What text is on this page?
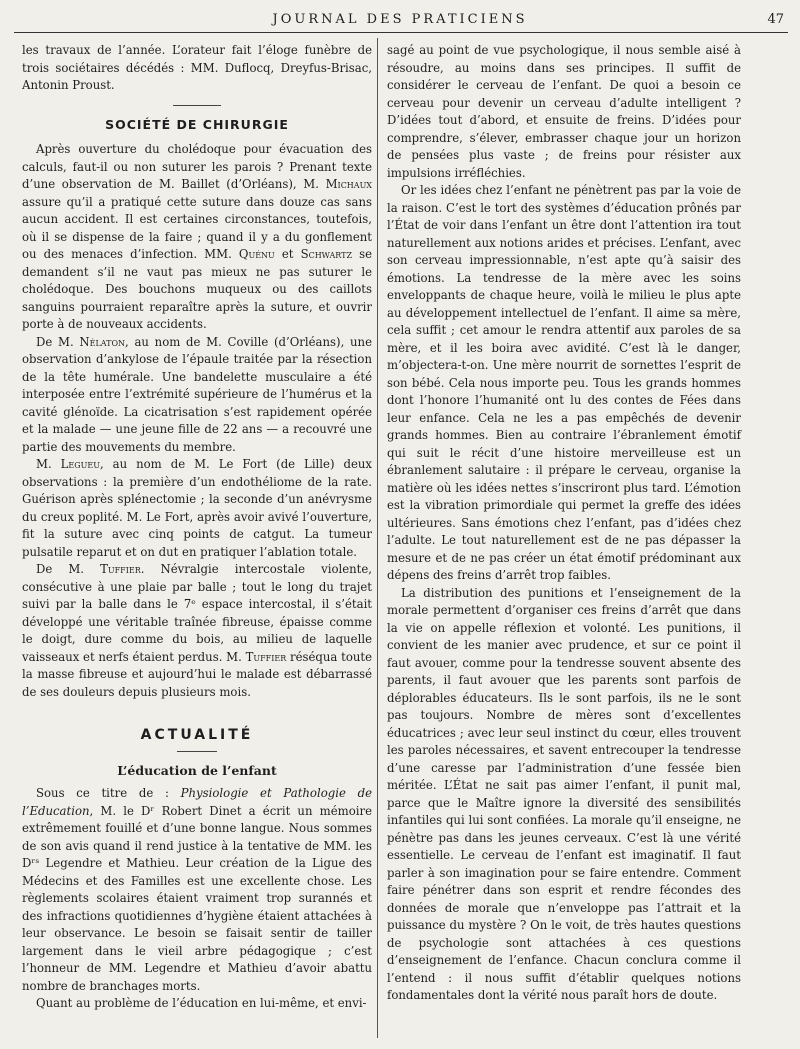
JOURNAL DES PRATICIENS	47

les travaux de l’année. L’orateur fait l’éloge funèbre de trois sociétaires décédés : MM. Duflocq, Dreyfus-Brisac, Antonin Proust.

SOCIÉTÉ DE CHIRURGIE

Après ouverture du cholédoque pour évacuation des calculs, faut-il ou non suturer les parois ? Prenant texte d’une observation de M. Baillet (d’Orléans), M. Michaux assure qu’il a pratiqué cette suture dans douze cas sans aucun accident. Il est certaines circonstances, toutefois, où il se dispense de la faire ; quand il y a du gonflement ou des menaces d’infection. MM. Quénu et Schwartz se demandent s’il ne vaut pas mieux ne pas suturer le cholédoque. Des bouchons muqueux ou des caillots sanguins pourraient reparaître après la suture, et ouvrir porte à de nouveaux accidents.

De M. Nélaton, au nom de M. Coville (d’Orléans), une observation d’ankylose de l’épaule traitée par la résection de la tête humérale. Une bandelette musculaire a été interposée entre l’extrémité supérieure de l’humérus et la cavité glénoïde. La cicatrisation s’est rapidement opérée et la malade — une jeune fille de 22 ans — a recouvré une partie des mouvements du membre.

M. Legueu, au nom de M. Le Fort (de Lille) deux observations : la première d’un endothéliome de la rate. Guérison après splénectomie ; la seconde d’un anévrysme du creux poplité. M. Le Fort, après avoir avivé l’ouverture, fit la suture avec cinq points de catgut. La tumeur pulsatile reparut et on dut en pratiquer l’ablation totale.

De M. Tuffier. Névralgie intercostale violente, consécutive à une plaie par balle ; tout le long du trajet suivi par la balle dans le 7ᵉ espace intercostal, il s’était développé une véritable traînée fibreuse, épaisse comme le doigt, dure comme du bois, au milieu de laquelle vaisseaux et nerfs étaient perdus. M. Tuffier réséqua toute la masse fibreuse et aujourd’hui le malade est débarrassé de ses douleurs depuis plusieurs mois.

ACTUALITÉ
L’éducation de l’enfant

Sous ce titre de : Physiologie et Pathologie de l’Education, M. le Dʳ Robert Dinet a écrit un mémoire extrêmement fouillé et d’une bonne langue. Nous sommes de son avis quand il rend justice à la tentative de MM. les Dʳˢ Legendre et Mathieu. Leur création de la Ligue des Médecins et des Familles est une excellente chose. Les règlements scolaires étaient vraiment trop surannés et des infractions quotidiennes d’hygiène étaient attachées à leur observance. Le besoin se faisait sentir de tailler largement dans le vieil arbre pédagogique ; c’est l’honneur de MM. Legendre et Mathieu d’avoir abattu nombre de branchages morts.

Quant au problème de l’éducation en lui-même, et envi-

sagé au point de vue psychologique, il nous semble aisé à résoudre, au moins dans ses principes. Il suffit de considérer le cerveau de l’enfant. De quoi a besoin ce cerveau pour devenir un cerveau d’adulte intelligent ? D’idées tout d’abord, et ensuite de freins. D’idées pour comprendre, s’élever, embrasser chaque jour un horizon de pensées plus vaste ; de freins pour résister aux impulsions irréfléchies.

Or les idées chez l’enfant ne pénètrent pas par la voie de la raison. C’est le tort des systèmes d’éducation prônés par l’État de voir dans l’enfant un être dont l’attention ira tout naturellement aux notions arides et précises. L’enfant, avec son cerveau impressionnable, n’est apte qu’à saisir des émotions. La tendresse de la mère avec les soins enveloppants de chaque heure, voilà le milieu le plus apte au développement intellectuel de l’enfant. Il aime sa mère, cela suffit ; cet amour le rendra attentif aux paroles de sa mère, et il les boira avec avidité. C’est là le danger, m’objectera-t-on. Une mère nourrit de sornettes l’esprit de son bébé. Cela nous importe peu. Tous les grands hommes dont l’honore l’humanité ont lu des contes de Fées dans leur enfance. Cela ne les a pas empêchés de devenir grands hommes. Bien au contraire l’ébranlement émotif qui suit le récit d’une histoire merveilleuse est un ébranlement salutaire : il prépare le cerveau, organise la matière où les idées nettes s’inscriront plus tard. L’émotion est la vibration primordiale qui permet la greffe des idées ultérieures. Sans émotions chez l’enfant, pas d’idées chez l’adulte. Le tout naturellement est de ne pas dépasser la mesure et de ne pas créer un état émotif prédominant aux dépens des freins d’arrêt trop faibles.

La distribution des punitions et l’enseignement de la morale permettent d’organiser ces freins d’arrêt que dans la vie on appelle réflexion et volonté. Les punitions, il convient de les manier avec prudence, et sur ce point il faut avouer, comme pour la tendresse souvent absente des parents, il faut avouer que les parents sont parfois de déplorables éducateurs. Ils le sont parfois, ils ne le sont pas toujours. Nombre de mères sont d’excellentes éducatrices ; avec leur seul instinct du cœur, elles trouvent les paroles nécessaires, et savent entrecouper la tendresse d’une caresse par l’administration d’une fessée bien méritée. L’État ne sait pas aimer l’enfant, il punit mal, parce que le Maître ignore la diversité des sensibilités infantiles qui lui sont confiées. La morale qu’il enseigne, ne pénètre pas dans les jeunes cerveaux. C’est là une vérité essentielle. Le cerveau de l’enfant est imaginatif. Il faut parler à son imagination pour se faire entendre. Comment faire pénétrer dans son esprit et rendre fécondes des données de morale que n’enveloppe pas l’attrait et la puissance du mystère ? On le voit, de très hautes questions de psychologie sont attachées à ces questions d’enseignement de l’enfance. Chacun conclura comme il l’entend : il nous suffit d’établir quelques notions fondamentales dont la vérité nous paraît hors de doute.
